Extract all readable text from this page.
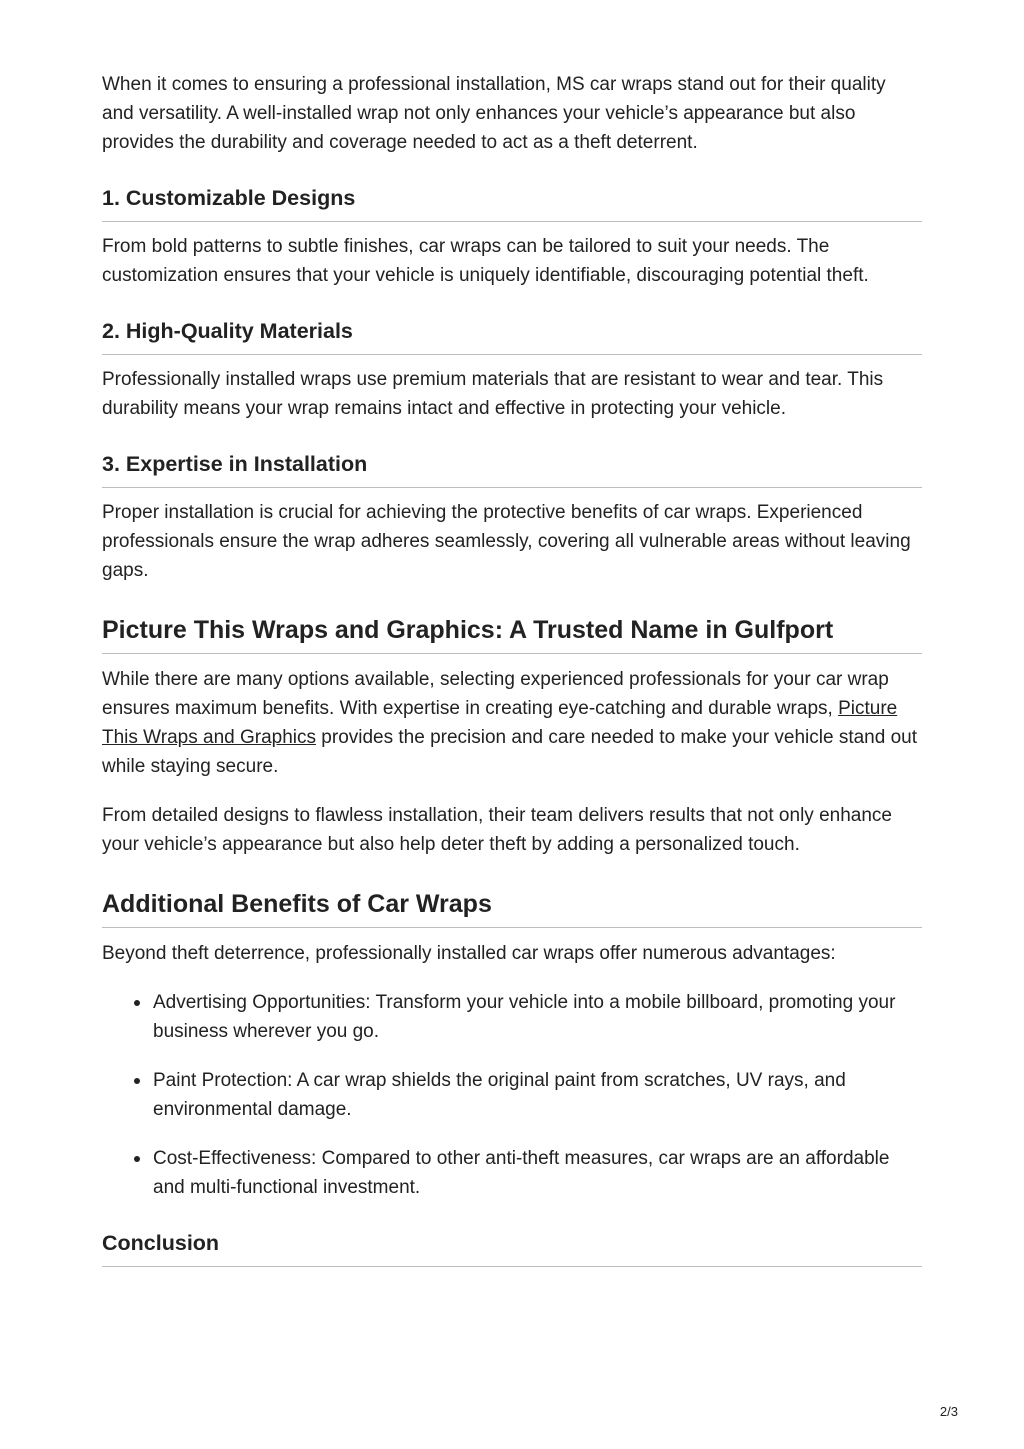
When it comes to ensuring a professional installation, MS car wraps stand out for their quality and versatility. A well-installed wrap not only enhances your vehicle’s appearance but also provides the durability and coverage needed to act as a theft deterrent.

1. Customizable Designs

From bold patterns to subtle finishes, car wraps can be tailored to suit your needs. The customization ensures that your vehicle is uniquely identifiable, discouraging potential theft.

2. High-Quality Materials

Professionally installed wraps use premium materials that are resistant to wear and tear. This durability means your wrap remains intact and effective in protecting your vehicle.

3. Expertise in Installation

Proper installation is crucial for achieving the protective benefits of car wraps. Experienced professionals ensure the wrap adheres seamlessly, covering all vulnerable areas without leaving gaps.

Picture This Wraps and Graphics: A Trusted Name in Gulfport

While there are many options available, selecting experienced professionals for your car wrap ensures maximum benefits. With expertise in creating eye-catching and durable wraps, Picture This Wraps and Graphics provides the precision and care needed to make your vehicle stand out while staying secure.

From detailed designs to flawless installation, their team delivers results that not only enhance your vehicle’s appearance but also help deter theft by adding a personalized touch.

Additional Benefits of Car Wraps

Beyond theft deterrence, professionally installed car wraps offer numerous advantages:

Advertising Opportunities: Transform your vehicle into a mobile billboard, promoting your business wherever you go.
Paint Protection: A car wrap shields the original paint from scratches, UV rays, and environmental damage.
Cost-Effectiveness: Compared to other anti-theft measures, car wraps are an affordable and multi-functional investment.
Conclusion
2/3
